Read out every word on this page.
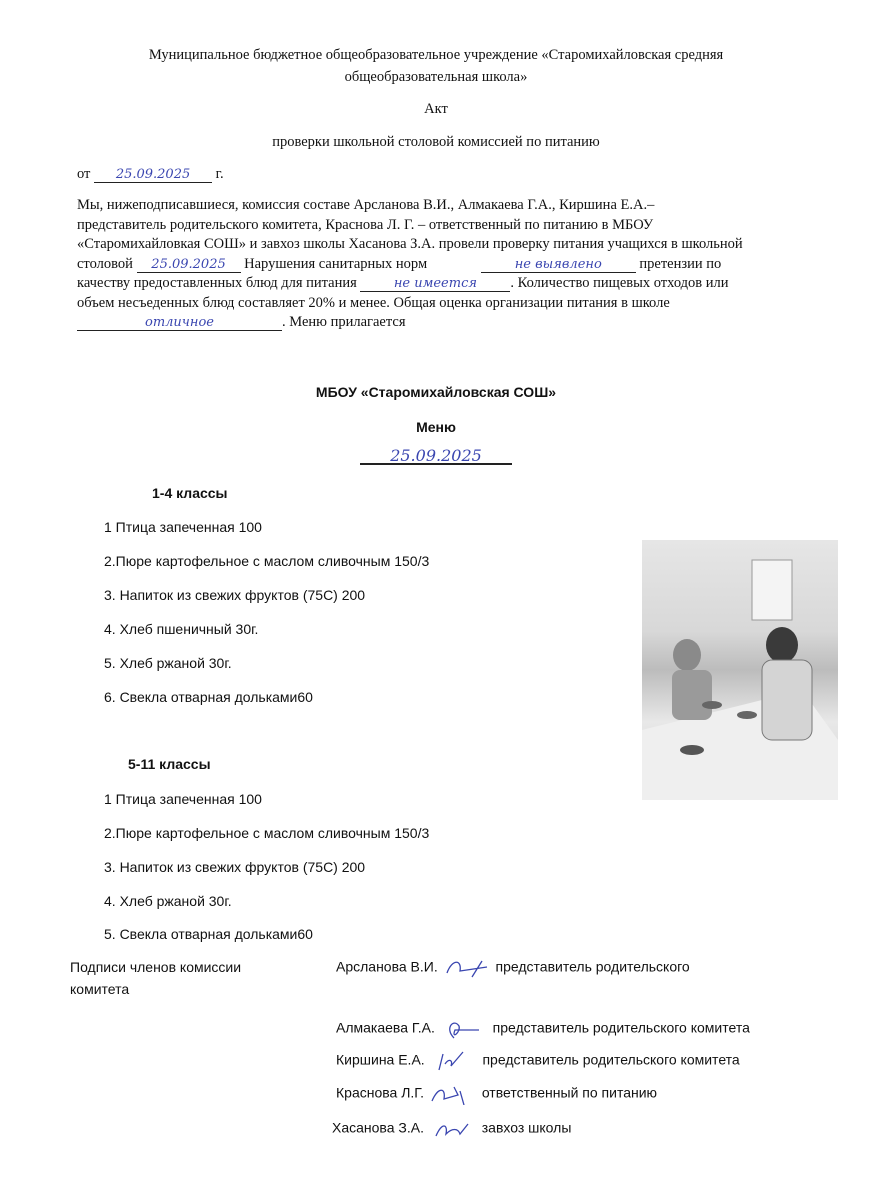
Муниципальное бюджетное общеобразовательное учреждение «Старомихайловская средняя
общеобразовательная школа»
Акт
проверки школьной столовой комиссией по питанию
от 25.09.2025 г.
Мы, нижеподписавшиеся, комиссия составе Арсланова В.И., Алмакаева Г.А., Киршина Е.А.–
представитель родительского комитета, Краснова Л. Г. – ответственный по питанию в МБОУ
«Старомихайловкая СОШ» и завхоз школы Хасанова З.А. провели проверку питания учащихся в школьной
столовой 25.09.2025 Нарушения санитарных норм	не выявлено	претензии по
качеству предоставленных блюд для питания	не имеется . Количество пищевых отходов или
объем несъеденных блюд составляет 20% и менее. Общая оценка организации питания в школе
отличное	. Меню прилагается
МБОУ «Старомихайловская СОШ»
Меню
25.09.2025
1-4 классы
1 Птица запеченная 100
2.Пюре картофельное с маслом сливочным 150/3
3. Напиток из свежих фруктов (75С) 200
4. Хлеб пшеничный 30г.
5. Хлеб ржаной 30г.
6. Свекла отварная дольками60
5-11 классы
1 Птица запеченная 100
2.Пюре картофельное с маслом сливочным 150/3
3. Напиток из свежих фруктов (75С) 200
4. Хлеб ржаной 30г.
5. Свекла отварная дольками60
Подписи членов комиссии
комитета
Арсланова В.И.	представитель родительского
Алмакаева Г.А.	представитель родительского комитета
Киршина Е.А.	представитель родительского комитета
Краснова Л.Г.	ответственный по питанию
Хасанова З.А.	завхоз школы
